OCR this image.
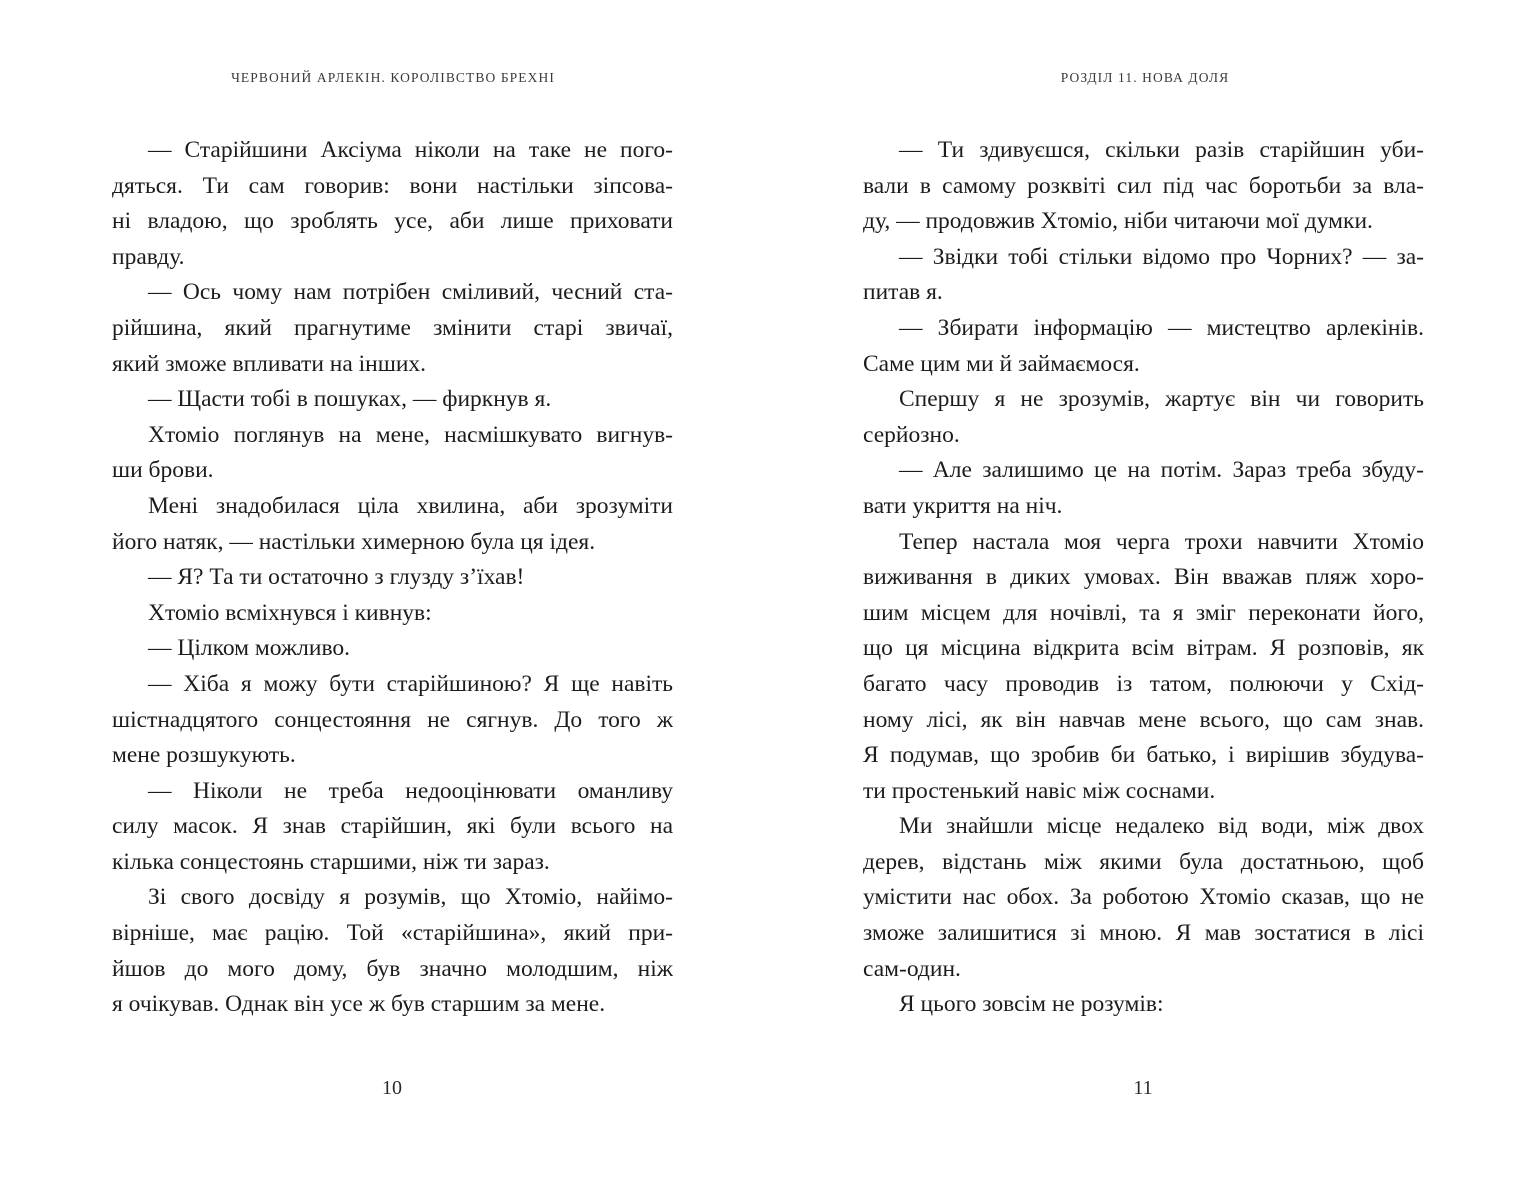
ЧЕРВОНИЙ АРЛЕКІН. КОРОЛІВСТВО БРЕХНІ
— Старійшини Аксіума ніколи на таке не пого-
дяться. Ти сам говорив: вони настільки зіпсова-
ні владою, що зроблять усе, аби лише приховати
правду.
— Ось чому нам потрібен сміливий, чесний ста-
рійшина, який прагнутиме змінити старі звичаї,
який зможе впливати на інших.
— Щасти тобі в пошуках, — фиркнув я.
Хтоміо поглянув на мене, насмішкувато вигнув-
ши брови.
Мені знадобилася ціла хвилина, аби зрозуміти
його натяк, — настільки химерною була ця ідея.
— Я? Та ти остаточно з глузду з’їхав!
Хтоміо всміхнувся і кивнув:
— Цілком можливо.
— Хіба я можу бути старійшиною? Я ще навіть
шістнадцятого сонцестояння не сягнув. До того ж
мене розшукують.
— Ніколи не треба недооцінювати оманливу
силу масок. Я знав старійшин, які були всього на
кілька сонцестоянь старшими, ніж ти зараз.
Зі свого досвіду я розумів, що Хтоміо, найімо-
вірніше, має рацію. Той «старійшина», який при-
йшов до мого дому, був значно молодшим, ніж
я очікував. Однак він усе ж був старшим за мене.
10
РОЗДІЛ 11. НОВА ДОЛЯ
— Ти здивуєшся, скільки разів старійшин уби-
вали в самому розквіті сил під час боротьби за вла-
ду, — продовжив Хтоміо, ніби читаючи мої думки.
— Звідки тобі стільки відомо про Чорних? — за-
питав я.
— Збирати інформацію — мистецтво арлекінів.
Саме цим ми й займаємося.
Спершу я не зрозумів, жартує він чи говорить
серйозно.
— Але залишимо це на потім. Зараз треба збуду-
вати укриття на ніч.
Тепер настала моя черга трохи навчити Хтоміо
виживання в диких умовах. Він вважав пляж хоро-
шим місцем для ночівлі, та я зміг переконати його,
що ця місцина відкрита всім вітрам. Я розповів, як
багато часу проводив із татом, полюючи у Схід-
ному лісі, як він навчав мене всього, що сам знав.
Я подумав, що зробив би батько, і вирішив збудува-
ти простенький навіс між соснами.
Ми знайшли місце недалеко від води, між двох
дерев, відстань між якими була достатньою, щоб
умістити нас обох. За роботою Хтоміо сказав, що не
зможе залишитися зі мною. Я мав зостатися в лісі
сам-один.
Я цього зовсім не розумів:
11
